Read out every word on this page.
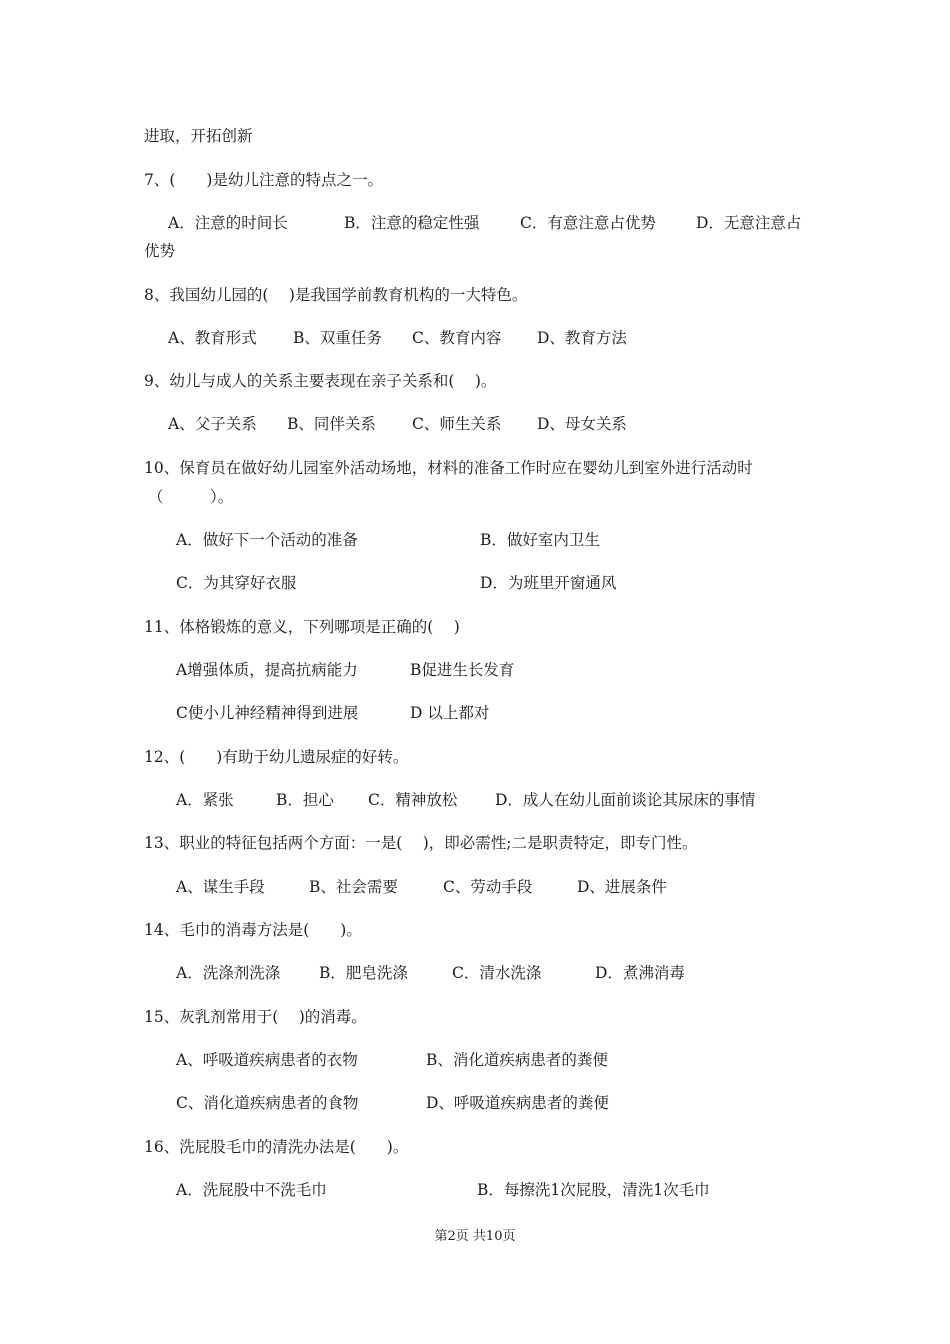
进取，开拓创新
7、(　　)是幼儿注意的特点之一。
A．注意的时间长	B．注意的稳定性强	C．有意注意占优势	D．无意注意占
优势
8、我国幼儿园的(　 )是我国学前教育机构的一大特色。
A、教育形式 B、双重任务 C、教育内容 D、教育方法
9、幼儿与成人的关系主要表现在亲子关系和(　 )。
A、父子关系 B、同伴关系 C、师生关系 D、母女关系
10、保育员在做好幼儿园室外活动场地，材料的准备工作时应在婴幼儿到室外进行活动时
（　　　）。
A．做好下一个活动的准备	B．做好室内卫生
C．为其穿好衣服	D．为班里开窗通风
11、体格锻炼的意义，下列哪项是正确的(　 )
A增强体质，提高抗病能力	B促进生长发育
C使小儿神经精神得到进展	D 以上都对
12、(　　)有助于幼儿遗尿症的好转。
A．紧张	B．担心 C．精神放松 D．成人在幼儿面前谈论其尿床的事情
13、职业的特征包括两个方面：一是(　 )，即必需性;二是职责特定，即专门性。
A、谋生手段	B、社会需要	C、劳动手段	D、进展条件
14、毛巾的消毒方法是(　　)。
A．洗涤剂洗涤	B．肥皂洗涤	C．清水洗涤	D．煮沸消毒
15、灰乳剂常用于(　 )的消毒。
A、呼吸道疾病患者的衣物	B、消化道疾病患者的粪便
C、消化道疾病患者的食物	D、呼吸道疾病患者的粪便
16、洗屁股毛巾的清洗办法是(　　)。
A．洗屁股中不洗毛巾	B．每擦洗1次屁股，清洗1次毛巾
第2页 共10页
